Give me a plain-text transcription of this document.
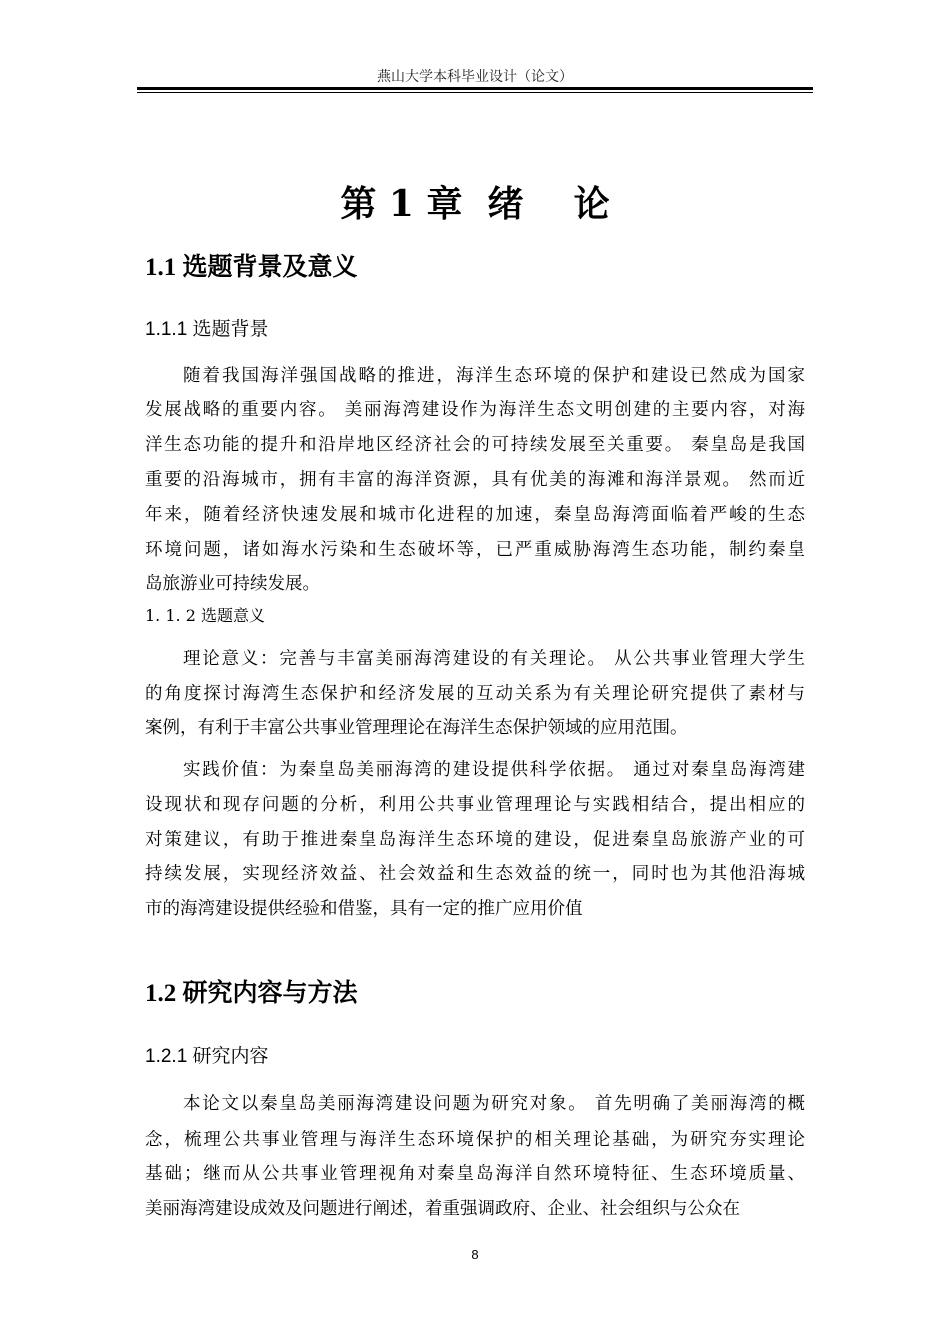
燕山大学本科毕业设计（论文）
第 1 章  绪    论
1.1 选题背景及意义
1.1.1 选题背景
随着我国海洋强国战略的推进，海洋生态环境的保护和建设已然成为国家
发展战略的重要内容。 美丽海湾建设作为海洋生态文明创建的主要内容，对海
洋生态功能的提升和沿岸地区经济社会的可持续发展至关重要。 秦皇岛是我国
重要的沿海城市，拥有丰富的海洋资源，具有优美的海滩和海洋景观。 然而近
年来，随着经济快速发展和城市化进程的加速，秦皇岛海湾面临着严峻的生态
环境问题，诸如海水污染和生态破坏等，已严重威胁海湾生态功能，制约秦皇
岛旅游业可持续发展。
1. 1. 2 选题意义
理论意义：完善与丰富美丽海湾建设的有关理论。 从公共事业管理大学生
的角度探讨海湾生态保护和经济发展的互动关系为有关理论研究提供了素材与
案例，有利于丰富公共事业管理理论在海洋生态保护领域的应用范围。
实践价值：为秦皇岛美丽海湾的建设提供科学依据。 通过对秦皇岛海湾建
设现状和现存问题的分析，利用公共事业管理理论与实践相结合，提出相应的
对策建议，有助于推进秦皇岛海洋生态环境的建设，促进秦皇岛旅游产业的可
持续发展，实现经济效益、社会效益和生态效益的统一，同时也为其他沿海城
市的海湾建设提供经验和借鉴，具有一定的推广应用价值
1.2 研究内容与方法
1.2.1 研究内容
本论文以秦皇岛美丽海湾建设问题为研究对象。 首先明确了美丽海湾的概
念，梳理公共事业管理与海洋生态环境保护的相关理论基础，为研究夯实理论
基础；继而从公共事业管理视角对秦皇岛海洋自然环境特征、生态环境质量、
美丽海湾建设成效及问题进行阐述，着重强调政府、企业、社会组织与公众在
8
